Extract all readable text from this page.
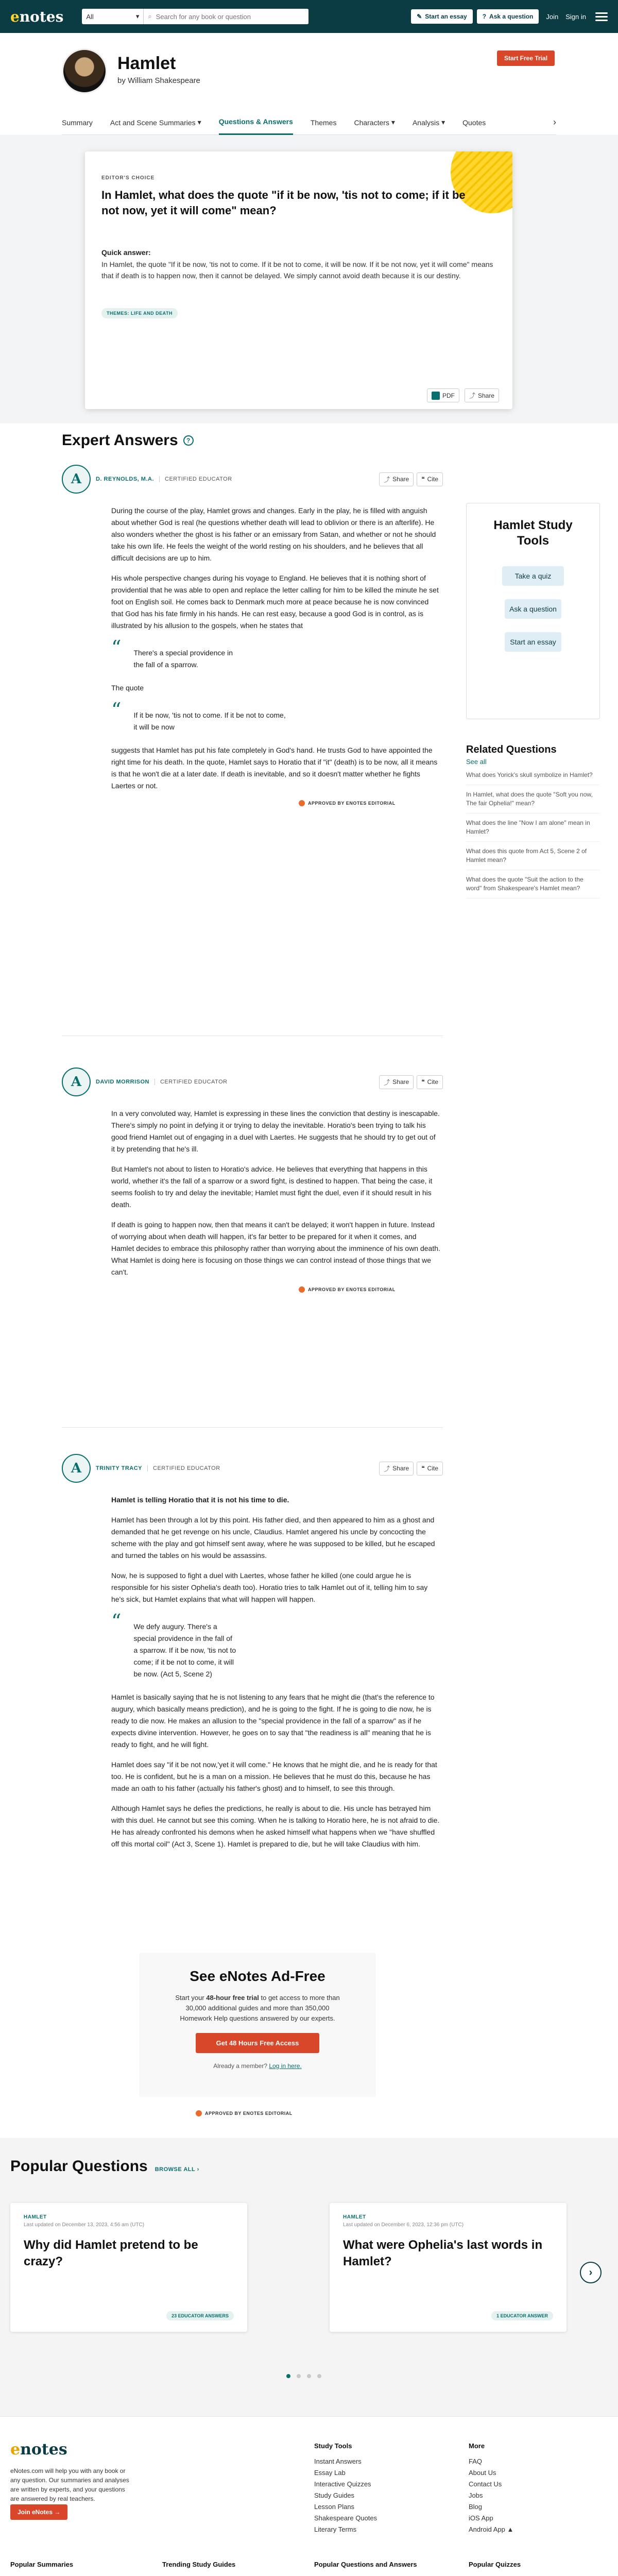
enotes	All	▾ ⌕
Search for any book or question	✎ Start an essay	? Ask a question Join Sign in
Hamlet
by William Shakespeare
Start Free Trial
Summary Act and Scene Summaries ▾ Questions & Answers Themes Characters ▾ Analysis ▾ Quotes	›
EDITOR'S CHOICE
In Hamlet, what does the quote "if it be now, 'tis not to come; if it be not now, yet it will come" mean?
Quick answer:
In Hamlet, the quote "If it be now, 'tis not to come. If it be not to come, it will be now. If it be not now, yet it will come" means that if death is to happen now, then it cannot be delayed. We simply cannot avoid death because it is our destiny.
THEMES: LIFE AND DEATH
PDF ⤴ Share
Expert Answers	?
A	D. REYNOLDS, M.A.	CERTIFIED EDUCATOR	⤴ Share ❝ Cite

During the course of the play, Hamlet grows and changes. Early in the play, he is filled with anguish about whether God is real (he questions whether death will lead to oblivion or there is an afterlife). He also wonders whether the ghost is his father or an emissary from Satan, and whether or not he should take his own life. He feels the weight of the world resting on his shoulders, and he believes that all difficult decisions are up to him.

His whole perspective changes during his voyage to England. He believes that it is nothing short of providential that he was able to open and replace the letter calling for him to be killed the minute he set foot on English soil. He comes back to Denmark much more at peace because he is now convinced that God has his fate firmly in his hands. He can rest easy, because a good God is in control, as is illustrated by his allusion to the gospels, when he states that

“ There's a special providence in the fall of a sparrow.

The quote

“ If it be now, 'tis not to come. If it be not to come, it will be now

suggests that Hamlet has put his fate completely in God's hand. He trusts God to have appointed the right time for his death. In the quote, Hamlet says to Horatio that if "it" (death) is to be now, all it means is that he won't die at a later date. If death is inevitable, and so it doesn't matter whether he fights Laertes or not.

APPROVED BY ENOTES EDITORIAL
A	DAVID MORRISON	CERTIFIED EDUCATOR	⤴ Share ❝ Cite

In a very convoluted way, Hamlet is expressing in these lines the conviction that destiny is inescapable. There's simply no point in defying it or trying to delay the inevitable. Horatio's been trying to talk his good friend Hamlet out of engaging in a duel with Laertes. He suggests that he should try to get out of it by pretending that he's ill.

But Hamlet's not about to listen to Horatio's advice. He believes that everything that happens in this world, whether it's the fall of a sparrow or a sword fight, is destined to happen. That being the case, it seems foolish to try and delay the inevitable; Hamlet must fight the duel, even if it should result in his death.

If death is going to happen now, then that means it can't be delayed; it won't happen in future. Instead of worrying about when death will happen, it's far better to be prepared for it when it comes, and Hamlet decides to embrace this philosophy rather than worrying about the imminence of his own death. What Hamlet is doing here is focusing on those things we can control instead of those things that we can't.

APPROVED BY ENOTES EDITORIAL
A	TRINITY TRACY	CERTIFIED EDUCATOR	⤴ Share ❝ Cite

Hamlet is telling Horatio that it is not his time to die.

Hamlet has been through a lot by this point. His father died, and then appeared to him as a ghost and demanded that he get revenge on his uncle, Claudius. Hamlet angered his uncle by concocting the scheme with the play and got himself sent away, where he was supposed to be killed, but he escaped and turned the tables on his would be assassins.

Now, he is supposed to fight a duel with Laertes, whose father he killed (one could argue he is responsible for his sister Ophelia's death too). Horatio tries to talk Hamlet out of it, telling him to say he's sick, but Hamlet explains that what will happen will happen.

“ We defy augury. There's a special providence in the fall of a sparrow. If it be now, 'tis not to come; if it be not to come, it will be now. (Act 5, Scene 2)

Hamlet is basically saying that he is not listening to any fears that he might die (that's the reference to augury, which basically means prediction), and he is going to the fight. If he is going to die now, he is ready to die now. He makes an allusion to the "special providence in the fall of a sparrow" as if he expects divine intervention. However, he goes on to say that "the readiness is all" meaning that he is ready to fight, and he will fight.

Hamlet does say "if it be not now,'yet it will come." He knows that he might die, and he is ready for that too. He is confident, but he is a man on a mission. He believes that he must do this, because he has made an oath to his father (actually his father's ghost) and to himself, to see this through.

Although Hamlet says he defies the predictions, he really is about to die. His uncle has betrayed him with this duel. He cannot but see this coming. When he is talking to Horatio here, he is not afraid to die. He has already confronted his demons when he asked himself what happens when we "have shuffled off this mortal coil" (Act 3, Scene 1). Hamlet is prepared to die, but he will take Claudius with him.

Hamlet Study Tools
Take a quiz
Ask a question
Start an essay
Related Questions
See all
What does Yorick's skull symbolize in Hamlet?
In Hamlet, what does the quote "Soft you now, The fair Ophelia!" mean?
What does the line "Now I am alone" mean in Hamlet?
What does this quote from Act 5, Scene 2 of Hamlet mean?
What does the quote "Suit the action to the word" from Shakespeare's Hamlet mean?
See eNotes Ad-Free

Start your 48-hour free trial to get access to more than 30,000 additional guides and more than 350,000 Homework Help questions answered by our experts.

Get 48 Hours Free Access
Already a member? Log in here.
APPROVED BY ENOTES EDITORIAL
Popular Questions BROWSE ALL ›
HAMLET
Last updated on December 13, 2023, 4:56 am (UTC)
Why did Hamlet pretend to be crazy?
23 EDUCATOR ANSWERS
HAMLET
Last updated on December 6, 2023, 12:36 pm (UTC)
What were Ophelia's last words in Hamlet?
1 EDUCATOR ANSWER
›
enotes
eNotes.com will help you with any book or any question. Our summaries and analyses are written by experts, and your questions are answered by real teachers.
Join eNotes →
Study Tools
Instant Answers
Essay Lab
Interactive Quizzes
Study Guides
Lesson Plans
Shakespeare Quotes
Literary Terms
More
FAQ
About Us
Contact Us
Jobs
Blog
iOS App
Android App ▲
Popular Summaries	Trending Study Guides	Popular Questions and Answers	Popular Quizzes
